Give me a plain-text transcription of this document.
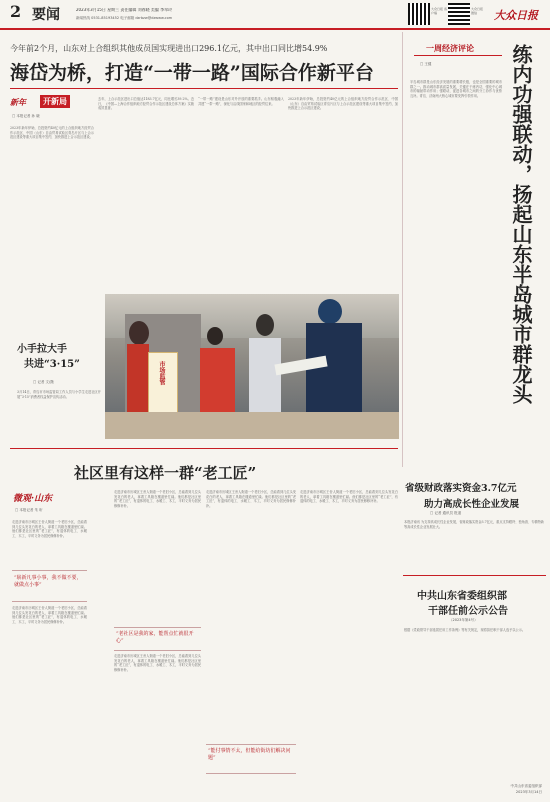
2 要闻	2023年3月15日 星期三 责任编辑 刘春晓 美编 李翠玲
新闻热线 0531-85193452 电子邮箱 dzrbzw@dzwww.com
大众日报 客户端
大众日报 微信	大众日报
今年前2个月，山东对上合组织其他成员国实现进出口296.1亿元，其中出口同比增54.9%
海岱为桥，打造“一带一路”国际合作新平台
新年	开新局
□ 本报记者 孙 晓
2023年新年伊始，总投资约40亿元的上合组织地方经贸合作示范区、中国（山东）自由贸易试验区青岛片区与上合示范区建设等重大项目集中签约，加快推进上合示范区建设。
去年，上合示范区进出口总值达1183.7亿元，同比增长39.2%。近日，《中国—上海合作组织地方经贸合作示范区建设总体方案》实施成效显著。
“一带一路”建设是山东对外开放的重要抓手。山东积极融入共建“一带一路”，深化与沿线国家和地区的经贸往来。
2023年新年伊始，总投资约40亿元的上合组织地方经贸合作示范区、中国（山东）自由贸易试验区青岛片区与上合示范区建设等重大项目集中签约，加快推进上合示范区建设。
一周经济评论
□ 王健	练内功强联动，扬起山东半岛城市群龙头
半岛城市群是山东经济发展的重要增长极，也是全国重要的城市群之一。推动城市群高质量发展，关键在于练内功，强化中心城市的辐射带动作用；强联动，促进各城市之间的分工协作与优势互补。青岛、济南两大核心城市要发挥引领作用。
小手拉大手
共进“3·15”
□ 记者 文/摄
3月14日，青岛市市场监管局工作人员与小学生走进社区开展“3·15”消费者权益保护宣传活动。
市场监管
社区里有这样一群“老工匠”
微观·山东
□ 本报记者 朱 珩
“崭新凡事小事，我不做不要，就做点小事”
“老社区是我的家，能帮点忙就很开心”
“能付事情不太，但能给街坊们解决问题”
走进济南市历城区王舍人街道一个老旧小区，总能看到几位头发花白的老人，拿着工具箱在楼道里忙碌。他们都是社区里的“老工匠”，有退休的电工、水暖工、木工，平时义务为居民修修补补。
走进济南市历城区王舍人街道一个老旧小区，总能看到几位头发花白的老人，拿着工具箱在楼道里忙碌。他们都是社区里的“老工匠”，有退休的电工、水暖工、木工，平时义务为居民修修补补。
走进济南市历城区王舍人街道一个老旧小区，总能看到几位头发花白的老人，拿着工具箱在楼道里忙碌。他们都是社区里的“老工匠”，有退休的电工、水暖工、木工，平时义务为居民修修补补。
走进济南市历城区王舍人街道一个老旧小区，总能看到几位头发花白的老人，拿着工具箱在楼道里忙碌。他们都是社区里的“老工匠”，有退休的电工、水暖工、木工，平时义务为居民修修补补。
走进济南市历城区王舍人街道一个老旧小区，总能看到几位头发花白的老人，拿着工具箱在楼道里忙碌。他们都是社区里的“老工匠”，有退休的电工、水暖工、木工，平时义务为居民修修补补。
走进济南市历城区王舍人街道一个老旧小区，总能看到几位头发花白的老人，拿着工具箱在楼道里忙碌。他们都是社区里的“老工匠”，有退休的电工、水暖工、木工，平时义务为居民修修补补。
省级财政落实资金3.7亿元
助力高成长性企业发展
□ 记者 通讯员 报道
本报济南讯 为支持高成长性企业发展，省财政落实资金3.7亿元，重点支持瞪羚、独角兽、专精特新等高成长性企业发展壮大。
中共山东省委组织部
干部任前公示公告
（2023年第4号）
根据《党政领导干部选拔任用工作条例》等有关规定，现将拟任职干部人选予以公示。
中共山东省委组织部
2023年3月14日
